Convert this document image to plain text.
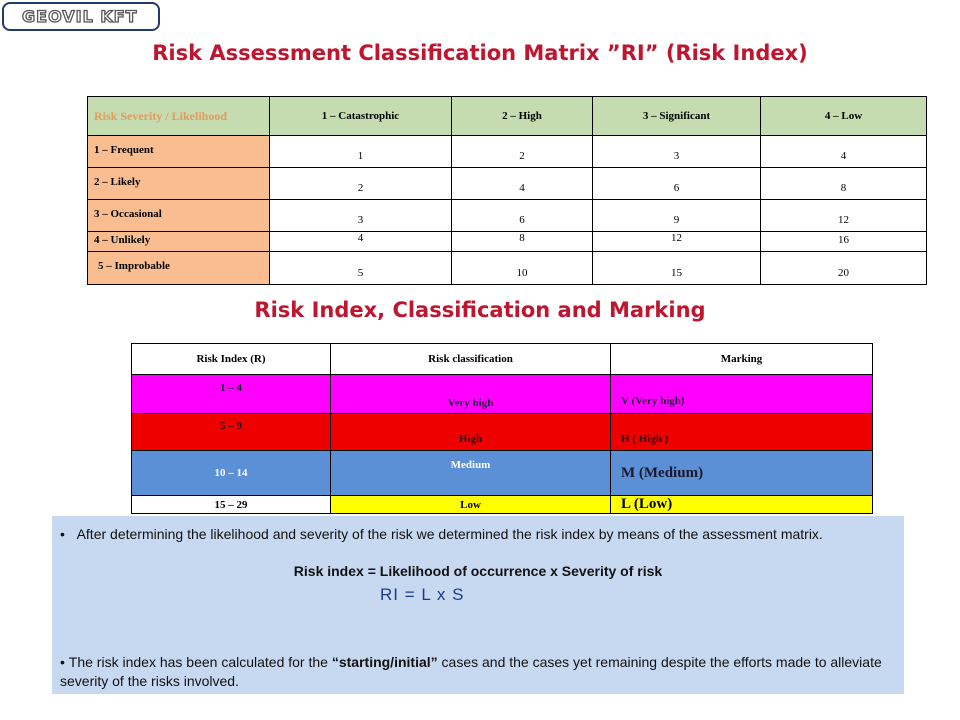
GEOVIL KFT
Risk Assessment Classification Matrix ”RI” (Risk Index)
Risk Severity / Likelihood	1 – Catastrophic	2 – High	3 – Significant	4 – Low
1 – Frequent	1	2	3	4
2 – Likely	2	4	6	8
3 – Occasional	3	6	9	12
4 – Unlikely	4	8	12	16
5 – Improbable	5	10	15	20
Risk Index, Classification and Marking
Risk Index (R)	Risk classification	Marking
1 – 4	Very high	V (Very high)
5 – 9	High	H ( High )
10 – 14	Medium	M (Medium)
15 – 29	Low	L (Low)

•   After determining the likelihood and severity of the risk we determined the risk index by means of the assessment matrix.

Risk index = Likelihood of occurrence x Severity of risk

RI = L x S

• The risk index has been calculated for the “starting/initial” cases and the cases yet remaining despite the efforts made to alleviate severity of the risks involved.
